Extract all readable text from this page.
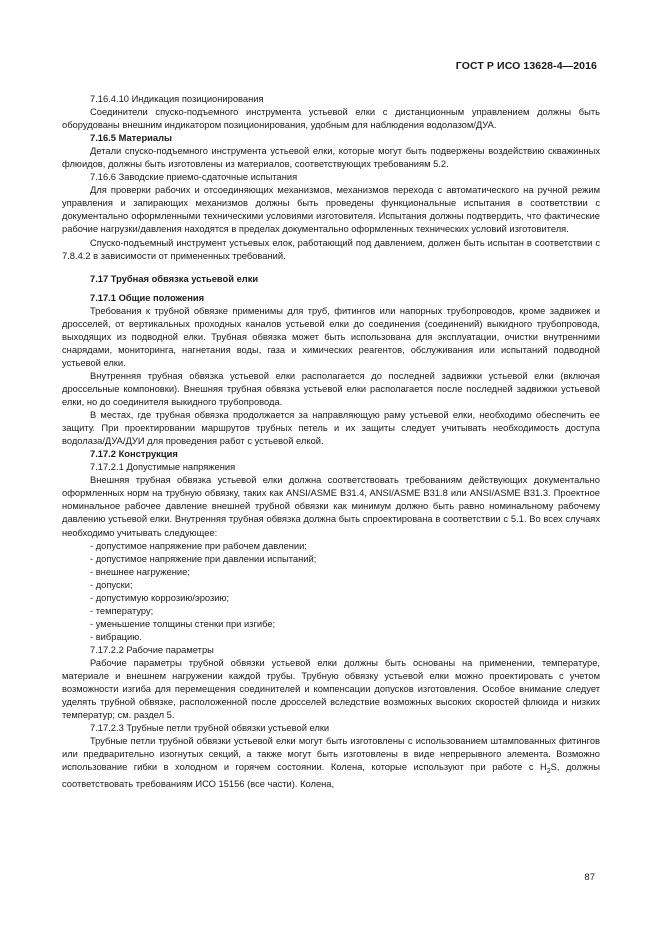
ГОСТ Р ИСО 13628-4—2016

7.16.4.10 Индикация позиционирования

Соединители спуско-подъемного инструмента устьевой елки с дистанционным управлением должны быть оборудованы внешним индикатором позиционирования, удобным для наблюдения водолазом/ДУА.

7.16.5 Материалы

Детали спуско-подъемного инструмента устьевой елки, которые могут быть подвержены воздействию скважинных флюидов, должны быть изготовлены из материалов, соответствующих требованиям 5.2.

7.16.6 Заводские приемо-сдаточные испытания

Для проверки рабочих и отсоединяющих механизмов, механизмов перехода с автоматического на ручной режим управления и запирающих механизмов должны быть проведены функциональные испытания в соответствии с документально оформленными техническими условиями изготовителя. Испытания должны подтвердить, что фактические рабочие нагрузки/давления находятся в пределах документально оформленных технических условий изготовителя.

Спуско-подъемный инструмент устьевых елок, работающий под давлением, должен быть испытан в соответствии с 7.8.4.2 в зависимости от примененных требований.

7.17 Трубная обвязка устьевой елки

7.17.1 Общие положения

Требования к трубной обвязке применимы для труб, фитингов или напорных трубопроводов, кроме задвижек и дросселей, от вертикальных проходных каналов устьевой елки до соединения (соединений) выкидного трубопровода, выходящих из подводной елки. Трубная обвязка может быть использована для эксплуатации, очистки внутренними снарядами, мониторинга, нагнетания воды, газа и химических реагентов, обслуживания или испытаний подводной устьевой елки.

Внутренняя трубная обвязка устьевой елки располагается до последней задвижки устьевой елки (включая дроссельные компоновки). Внешняя трубная обвязка устьевой елки располагается после последней задвижки устьевой елки, но до соединителя выкидного трубопровода.

В местах, где трубная обвязка продолжается за направляющую раму устьевой елки, необходимо обеспечить ее защиту. При проектировании маршрутов трубных петель и их защиты следует учитывать необходимость доступа водолаза/ДУА/ДУИ для проведения работ с устьевой елкой.

7.17.2 Конструкция

7.17.2.1 Допустимые напряжения

Внешняя трубная обвязка устьевой елки должна соответствовать требованиям действующих документально оформленных норм на трубную обвязку, таких как ANSI/ASME B31.4, ANSI/ASME B31.8 или ANSI/ASME B31.3. Проектное номинальное рабочее давление внешней трубной обвязки как минимум должно быть равно номинальному рабочему давлению устьевой елки. Внутренняя трубная обвязка должна быть спроектирована в соответствии с 5.1. Во всех случаях необходимо учитывать следующее:

- допустимое напряжение при рабочем давлении;

- допустимое напряжение при давлении испытаний;

- внешнее нагружение;

- допуски;

- допустимую коррозию/эрозию;

- температуру;

- уменьшение толщины стенки при изгибе;

- вибрацию.

7.17.2.2 Рабочие параметры

Рабочие параметры трубной обвязки устьевой елки должны быть основаны на применении, температуре, материале и внешнем нагружении каждой трубы. Трубную обвязку устьевой елки можно проектировать с учетом возможности изгиба для перемещения соединителей и компенсации допусков изготовления. Особое внимание следует уделять трубной обвязке, расположенной после дросселей вследствие возможных высоких скоростей флюида и низких температур; см. раздел 5.

7.17.2.3 Трубные петли трубной обвязки устьевой елки

Трубные петли трубной обвязки устьевой елки могут быть изготовлены с использованием штампованных фитингов или предварительно изогнутых секций, а также могут быть изготовлены в виде непрерывного элемента. Возможно использование гибки в холодном и горячем состоянии. Колена, которые используют при работе с $H_2S$, должны соответствовать требованиям ИСО 15156 (все части). Колена,

87
